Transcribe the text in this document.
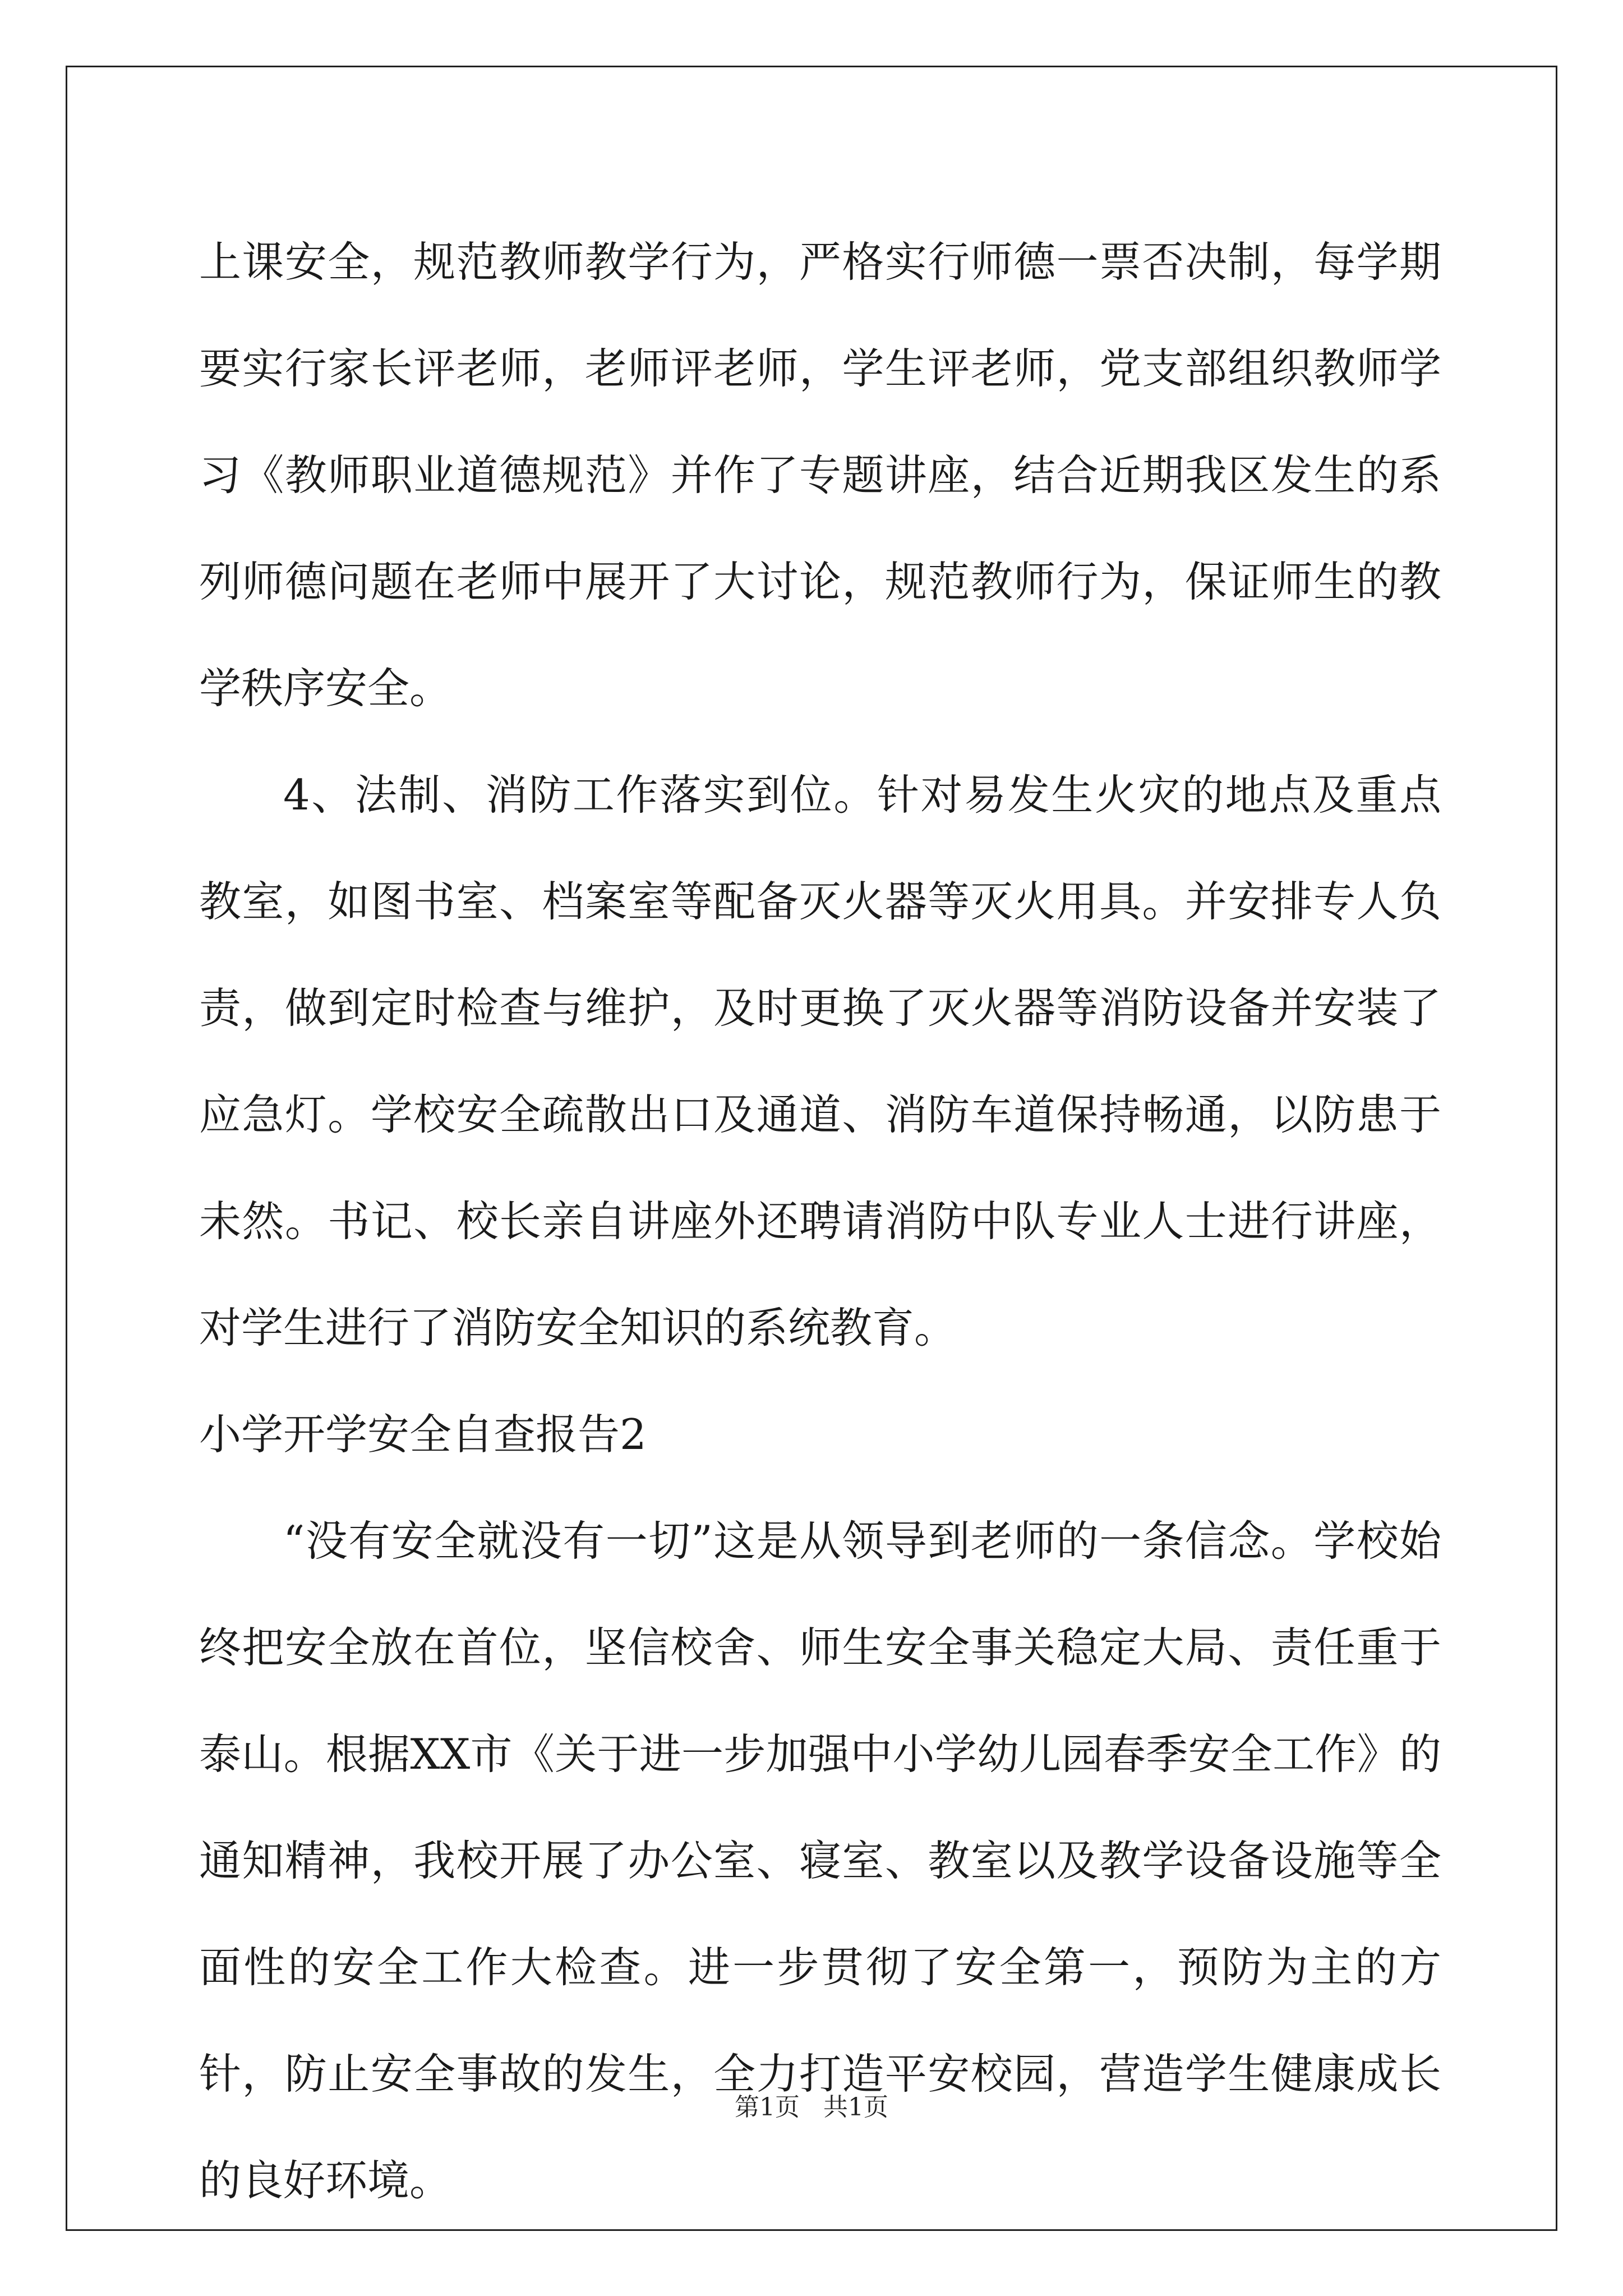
上课安全，规范教师教学行为，严格实行师德一票否决制，每学期要实行家长评老师，老师评老师，学生评老师，党支部组织教师学习《教师职业道德规范》并作了专题讲座，结合近期我区发生的系列师德问题在老师中展开了大讨论，规范教师行为，保证师生的教学秩序安全。

4、法制、消防工作落实到位。针对易发生火灾的地点及重点教室，如图书室、档案室等配备灭火器等灭火用具。并安排专人负责，做到定时检查与维护，及时更换了灭火器等消防设备并安装了应急灯。学校安全疏散出口及通道、消防车道保持畅通，以防患于未然。书记、校长亲自讲座外还聘请消防中队专业人士进行讲座，对学生进行了消防安全知识的系统教育。

小学开学安全自查报告2

“没有安全就没有一切”这是从领导到老师的一条信念。学校始终把安全放在首位，坚信校舍、师生安全事关稳定大局、责任重于泰山。根据XX市《关于进一步加强中小学幼儿园春季安全工作》的通知精神，我校开展了办公室、寝室、教室以及教学设备设施等全面性的安全工作大检查。进一步贯彻了安全第一，预防为主的方针，防止安全事故的发生，全力打造平安校园，营造学生健康成长的良好环境。

第1页 共1页
